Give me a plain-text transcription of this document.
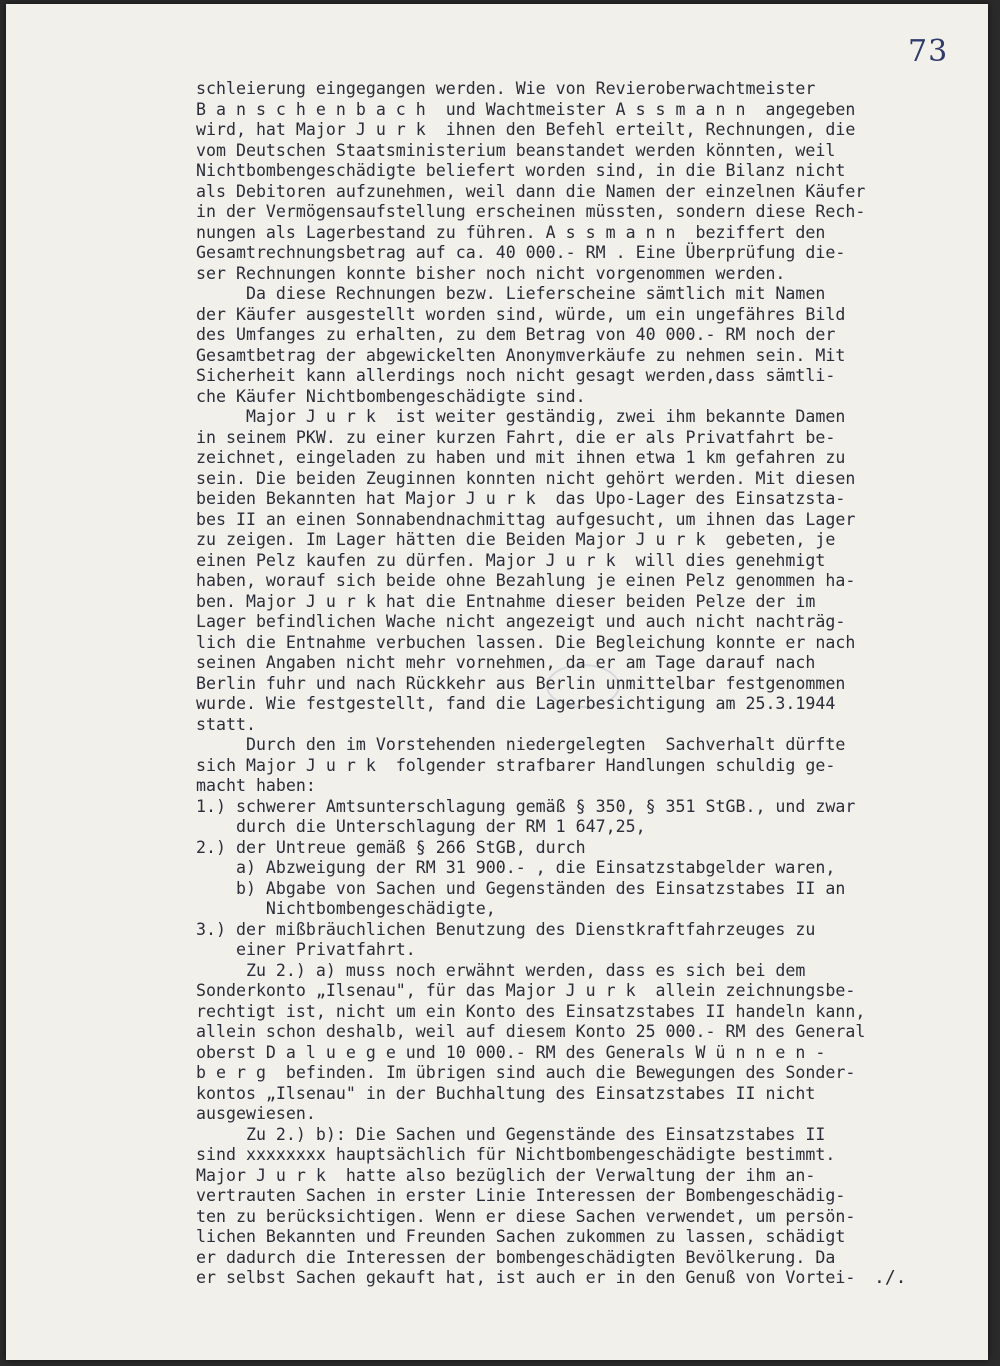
73
schleierung eingegangen werden. Wie von Revieroberwachtmeister
B a n s c h e n b a c h  und Wachtmeister A s s m a n n  angegeben
wird, hat Major J u r k  ihnen den Befehl erteilt, Rechnungen, die
vom Deutschen Staatsministerium beanstandet werden könnten, weil
Nichtbombengeschädigte beliefert worden sind, in die Bilanz nicht
als Debitoren aufzunehmen, weil dann die Namen der einzelnen Käufer
in der Vermögensaufstellung erscheinen müssten, sondern diese Rech-
nungen als Lagerbestand zu führen. A s s m a n n  beziffert den
Gesamtrechnungsbetrag auf ca. 40 000.- RM . Eine Überprüfung die-
ser Rechnungen konnte bisher noch nicht vorgenommen werden.
Da diese Rechnungen bezw. Lieferscheine sämtlich mit Namen
der Käufer ausgestellt worden sind, würde, um ein ungefähres Bild
des Umfanges zu erhalten, zu dem Betrag von 40 000.- RM noch der
Gesamtbetrag der abgewickelten Anonymverkäufe zu nehmen sein. Mit
Sicherheit kann allerdings noch nicht gesagt werden,dass sämtli-
che Käufer Nichtbombengeschädigte sind.
Major J u r k  ist weiter geständig, zwei ihm bekannte Damen
in seinem PKW. zu einer kurzen Fahrt, die er als Privatfahrt be-
zeichnet, eingeladen zu haben und mit ihnen etwa 1 km gefahren zu
sein. Die beiden Zeuginnen konnten nicht gehört werden. Mit diesen
beiden Bekannten hat Major J u r k  das Upo-Lager des Einsatzsta-
bes II an einen Sonnabendnachmittag aufgesucht, um ihnen das Lager
zu zeigen. Im Lager hätten die Beiden Major J u r k  gebeten, je
einen Pelz kaufen zu dürfen. Major J u r k  will dies genehmigt
haben, worauf sich beide ohne Bezahlung je einen Pelz genommen ha-
ben. Major J u r k hat die Entnahme dieser beiden Pelze der im
Lager befindlichen Wache nicht angezeigt und auch nicht nachträg-
lich die Entnahme verbuchen lassen. Die Begleichung konnte er nach
seinen Angaben nicht mehr vornehmen, da er am Tage darauf nach
Berlin fuhr und nach Rückkehr aus Berlin unmittelbar festgenommen
wurde. Wie festgestellt, fand die Lagerbesichtigung am 25.3.1944
statt.
Durch den im Vorstehenden niedergelegten  Sachverhalt dürfte
sich Major J u r k  folgender strafbarer Handlungen schuldig ge-
macht haben:
1.) schwerer Amtsunterschlagung gemäß § 350, § 351 StGB., und zwar
durch die Unterschlagung der RM 1 647,25,
2.) der Untreue gemäß § 266 StGB, durch
a) Abzweigung der RM 31 900.- , die Einsatzstabgelder waren,
b) Abgabe von Sachen und Gegenständen des Einsatzstabes II an
Nichtbombengeschädigte,
3.) der mißbräuchlichen Benutzung des Dienstkraftfahrzeuges zu
einer Privatfahrt.
Zu 2.) a) muss noch erwähnt werden, dass es sich bei dem
Sonderkonto „Ilsenau", für das Major J u r k  allein zeichnungsbe-
rechtigt ist, nicht um ein Konto des Einsatzstabes II handeln kann,
allein schon deshalb, weil auf diesem Konto 25 000.- RM des General
oberst D a l u e g e und 10 000.- RM des Generals W ü n n e n -
b e r g  befinden. Im übrigen sind auch die Bewegungen des Sonder-
kontos „Ilsenau" in der Buchhaltung des Einsatzstabes II nicht
ausgewiesen.
Zu 2.) b): Die Sachen und Gegenstände des Einsatzstabes II
sind xxxxxxxx hauptsächlich für Nichtbombengeschädigte bestimmt.
Major J u r k  hatte also bezüglich der Verwaltung der ihm an-
vertrauten Sachen in erster Linie Interessen der Bombengeschädig-
ten zu berücksichtigen. Wenn er diese Sachen verwendet, um persön-
lichen Bekannten und Freunden Sachen zukommen zu lassen, schädigt
er dadurch die Interessen der bombengeschädigten Bevölkerung. Da
er selbst Sachen gekauft hat, ist auch er in den Genuß von Vortei-	./.
